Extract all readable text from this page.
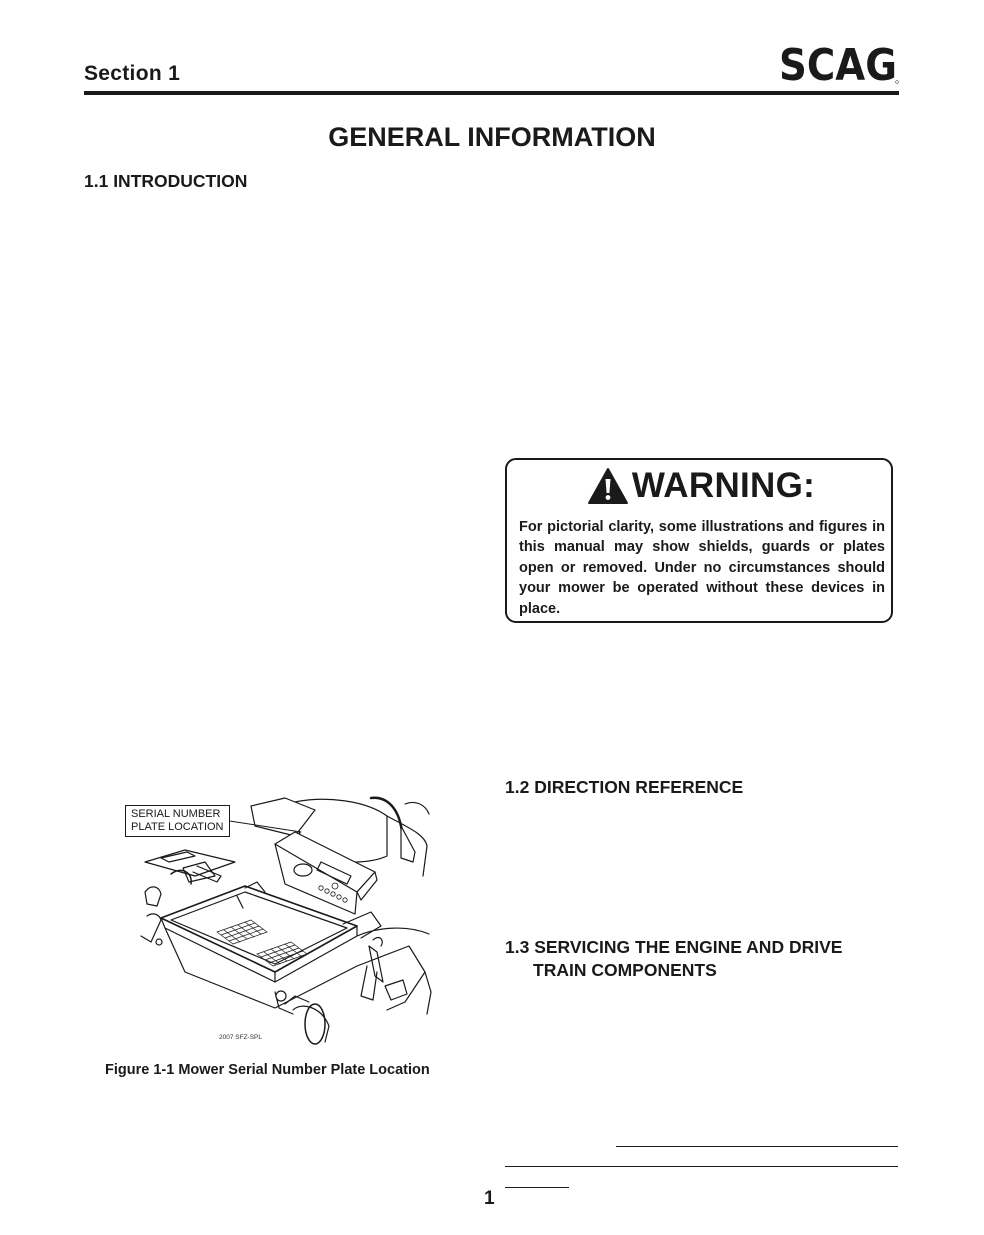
Section 1	SCAG
GENERAL INFORMATION
1.1 INTRODUCTION
WARNING:
For pictorial clarity, some illustrations and figures in this manual may show shields, guards or plates open or removed. Under no circumstances should your mower be operated without these devices in place.
SERIAL NUMBER
PLATE LOCATION
2007 SFZ-SPL
Figure 1-1 Mower Serial Number Plate Location
1.2 DIRECTION REFERENCE
1.3 SERVICING THE ENGINE AND DRIVE
TRAIN COMPONENTS
1
